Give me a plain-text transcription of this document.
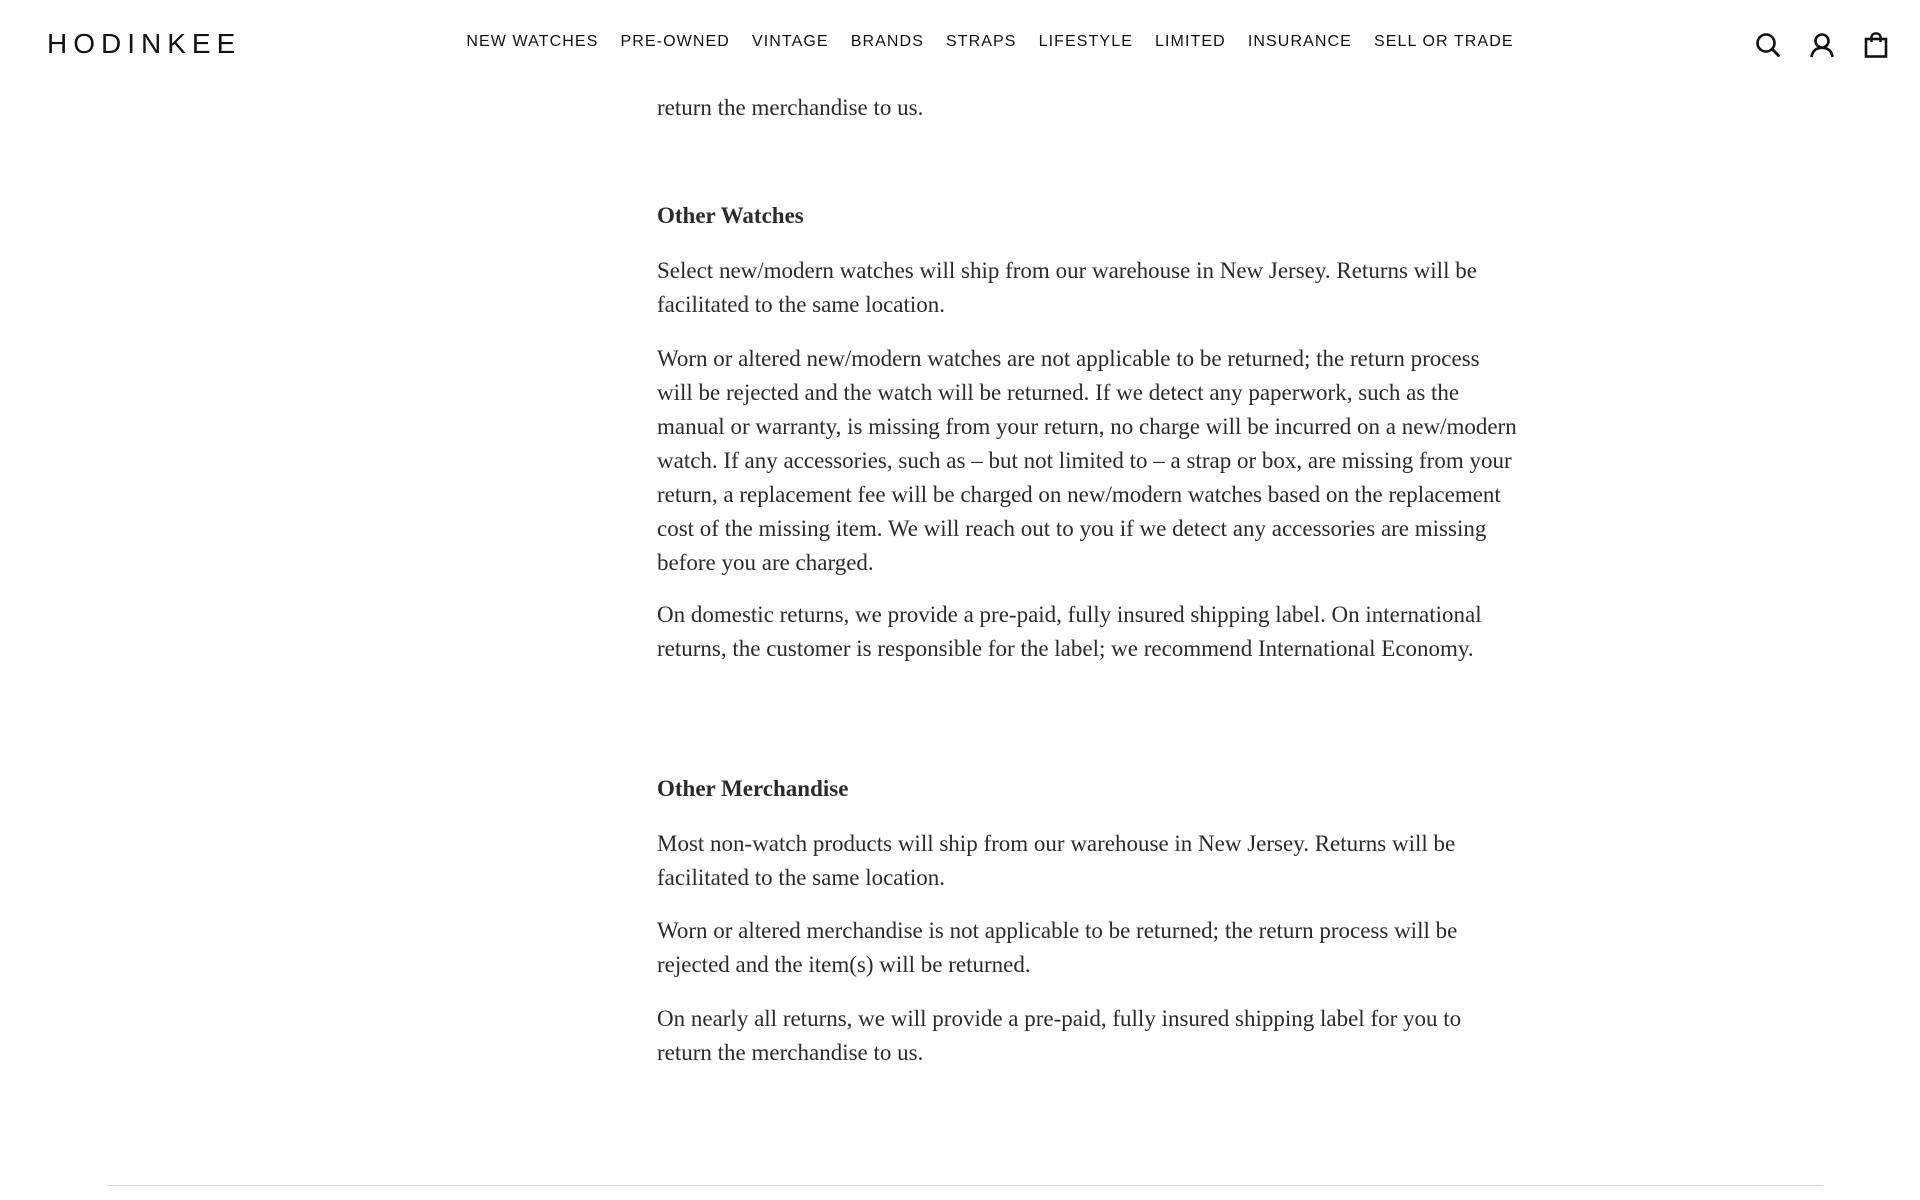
HODINKEE	NEW WATCHES PRE-OWNED VINTAGE BRANDS STRAPS LIFESTYLE LIMITED INSURANCE SELL OR TRADE

return the merchandise to us.

Other Watches

Select new/modern watches will ship from our warehouse in New Jersey. Returns will be facilitated to the same location.

Worn or altered new/modern watches are not applicable to be returned; the return process will be rejected and the watch will be returned. If we detect any paperwork, such as the manual or warranty, is missing from your return, no charge will be incurred on a new/modern watch. If any accessories, such as – but not limited to – a strap or box, are missing from your return, a replacement fee will be charged on new/modern watches based on the replacement cost of the missing item. We will reach out to you if we detect any accessories are missing before you are charged.

On domestic returns, we provide a pre-paid, fully insured shipping label. On international returns, the customer is responsible for the label; we recommend International Economy.

Other Merchandise

Most non-watch products will ship from our warehouse in New Jersey. Returns will be facilitated to the same location.

Worn or altered merchandise is not applicable to be returned; the return process will be rejected and the item(s) will be returned.

On nearly all returns, we will provide a pre-paid, fully insured shipping label for you to return the merchandise to us.
